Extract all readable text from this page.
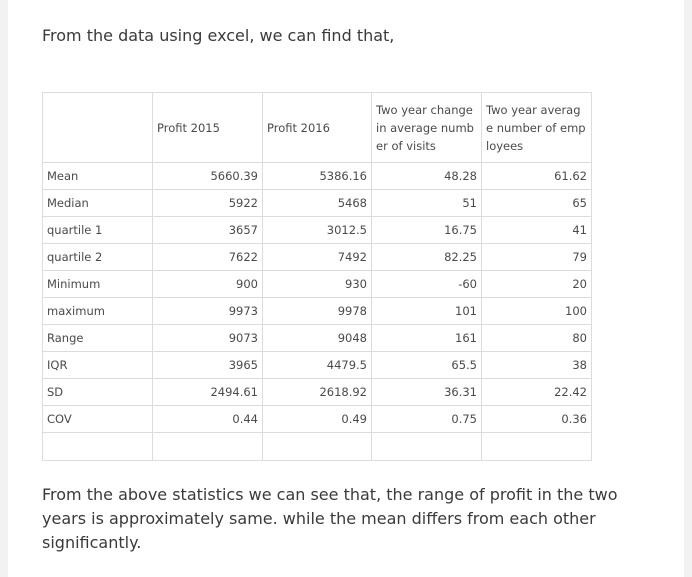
From the data using excel, we can find that,
	Profit 2015	Profit 2016	Two year change in average number of visits	Two year average number of employees
Mean	5660.39	5386.16	48.28	61.62
Median	5922	5468	51	65
quartile 1	3657	3012.5	16.75	41
quartile 2	7622	7492	82.25	79
Minimum	900	930	-60	20
maximum	9973	9978	101	100
Range	9073	9048	161	80
IQR	3965	4479.5	65.5	38
SD	2494.61	2618.92	36.31	22.42
COV	0.44	0.49	0.75	0.36

From the above statistics we can see that, the range of profit in the two years is approximately same. while the mean differs from each other significantly.
